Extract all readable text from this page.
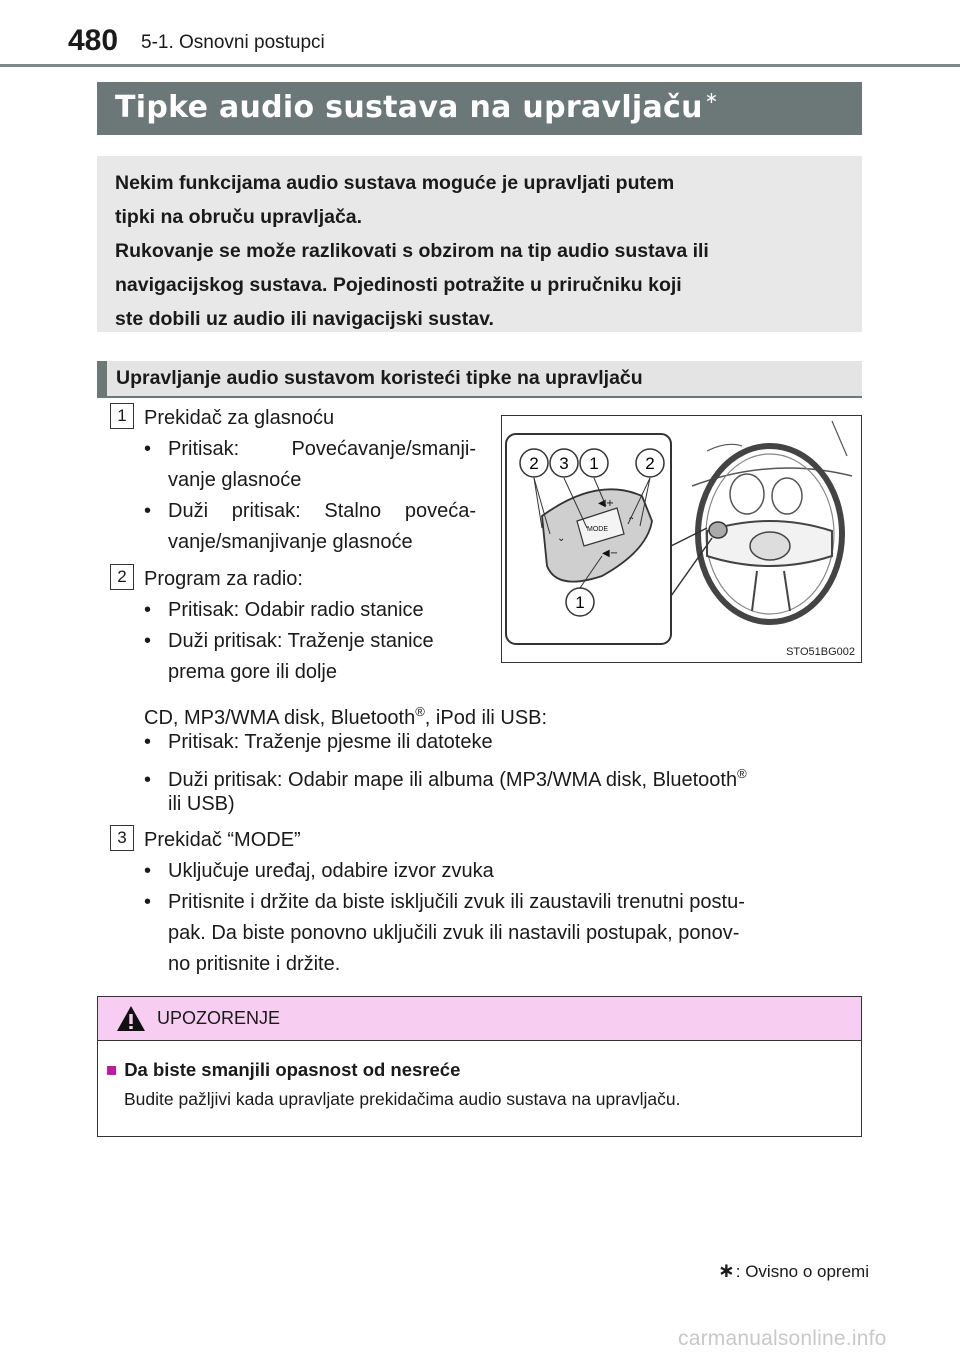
480 5-1. Osnovni postupci
Tipke audio sustava na upravljaču ∗

Nekim funkcijama audio sustava moguće je upravljati putem

tipki na obruču upravljača.

Rukovanje se može razlikovati s obzirom na tip audio sustava ili

navigacijskog sustava. Pojedinosti potražite u priručniku koji

ste dobili uz audio ili navigacijski sustav.

Upravljanje audio sustavom koristeći tipke na upravljaču
1 Prekidač za glasnoću
• Pritisak:	Povećavanje/smanji-
vanje glasnoće
• Duži pritisak: Stalno poveća-
vanje/smanjivanje glasnoće
2 Program za radio:
• Pritisak: Odabir radio stanice
• Duži pritisak: Traženje stanice
prema gore ili dolje
CD, MP3/WMA disk, Bluetooth®, iPod ili USB:
• Pritisak: Traženje pjesme ili datoteke
• Duži pritisak: Odabir mape ili albuma (MP3/WMA disk, Bluetooth®
ili USB)
3 Prekidač “MODE”
• Uključuje uređaj, odabire izvor zvuka
• Pritisnite i držite da biste isključili zvuk ili zaustavili trenutni postu-
pak. Da biste ponovno uključili zvuk ili nastavili postupak, ponov-
no pritisnite i držite.
MODE
◀+
◀−
⌄
⌃
2 3 1	2
1
STO51BG002
UPOZORENJE
■ Da biste smanjili opasnost od nesreće
Budite pažljivi kada upravljate prekidačima audio sustava na upravljaču.
∗: Ovisno o opremi
carmanualsonline.info
